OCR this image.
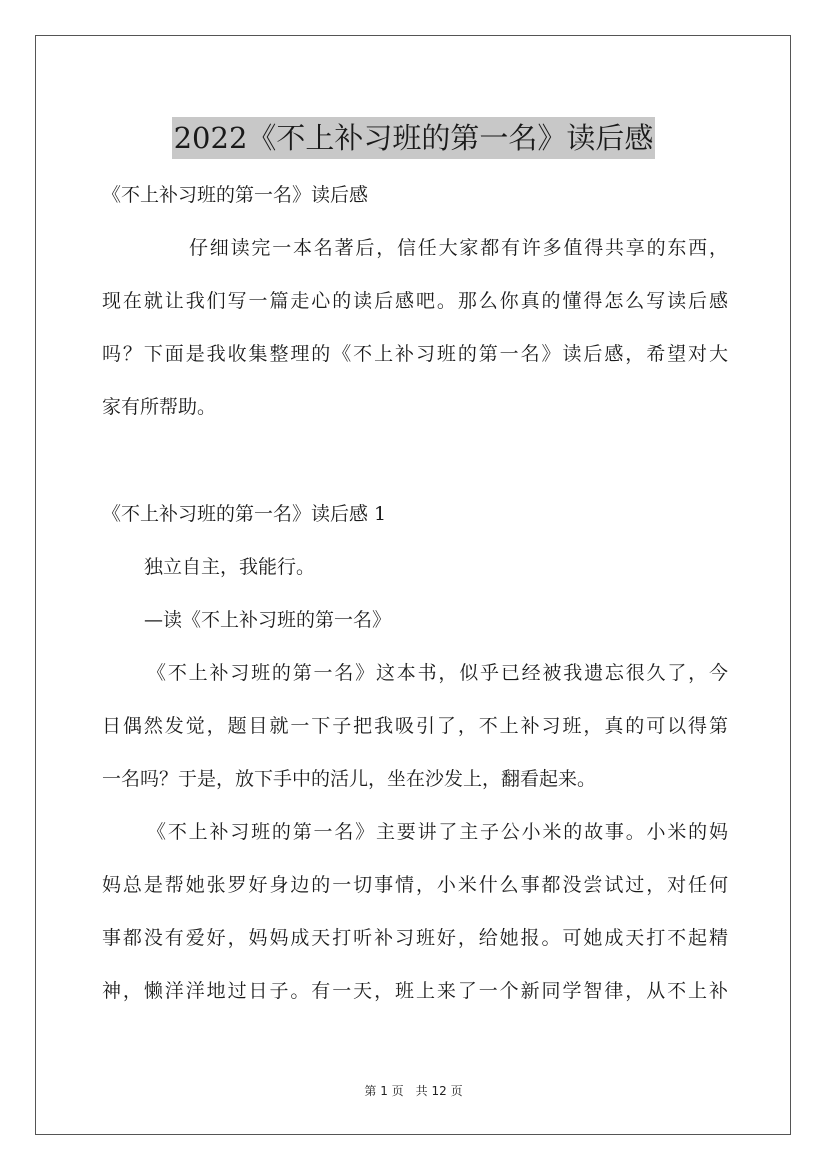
2022《不上补习班的第一名》读后感
《不上补习班的第一名》读后感
仔细读完一本名著后，信任大家都有许多值得共享的东西，
现在就让我们写一篇走心的读后感吧。那么你真的懂得怎么写读后感
吗？下面是我收集整理的《不上补习班的第一名》读后感，希望对大
家有所帮助。
《不上补习班的第一名》读后感 1
独立自主，我能行。
—读《不上补习班的第一名》
《不上补习班的第一名》这本书，似乎已经被我遗忘很久了，今
日偶然发觉，题目就一下子把我吸引了，不上补习班，真的可以得第
一名吗？于是，放下手中的活儿，坐在沙发上，翻看起来。
《不上补习班的第一名》主要讲了主子公小米的故事。小米的妈
妈总是帮她张罗好身边的一切事情，小米什么事都没尝试过，对任何
事都没有爱好，妈妈成天打听补习班好，给她报。可她成天打不起精
神，懒洋洋地过日子。有一天，班上来了一个新同学智律，从不上补
第 1 页　共 12 页
